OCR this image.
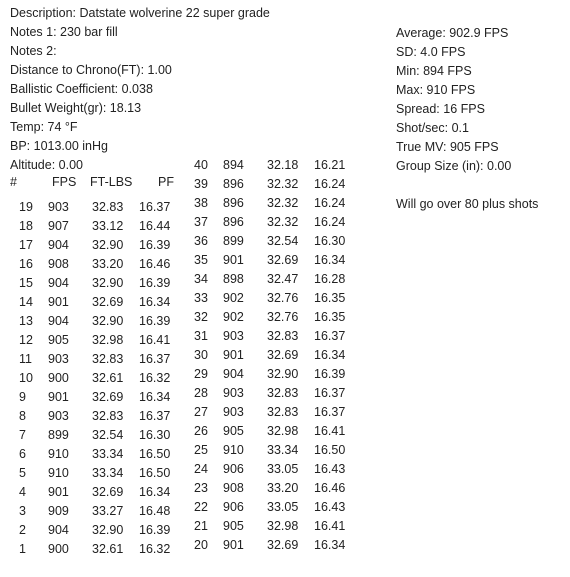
Description: Datstate wolverine 22 super grade
Notes 1: 230 bar fill
Notes 2:
Distance to Chrono(FT): 1.00
Ballistic Coefficient: 0.038
Bullet Weight(gr): 18.13
Temp: 74 °F
BP: 1013.00 inHg
Altitude: 0.00
Average: 902.9 FPS
SD: 4.0 FPS
Min: 894 FPS
Max: 910 FPS
Spread: 16 FPS
Shot/sec: 0.1
True MV: 905 FPS
Group Size (in): 0.00
Will go over 80 plus shots
#	FPS FT-LBS PF
19 903 32.83 16.37
18 907 33.12 16.44
17 904 32.90 16.39
16 908 33.20 16.46
15 904 32.90 16.39
14 901 32.69 16.34
13 904 32.90 16.39
12 905 32.98 16.41
11 903 32.83 16.37
10 900 32.61 16.32
9 901 32.69 16.34
8 903 32.83 16.37
7 899 32.54 16.30
6 910 33.34 16.50
5 910 33.34 16.50
4 901 32.69 16.34
3 909 33.27 16.48
2 904 32.90 16.39
1 900 32.61 16.32
40 894 32.18 16.21
39 896 32.32 16.24
38 896 32.32 16.24
37 896 32.32 16.24
36 899 32.54 16.30
35 901 32.69 16.34
34 898 32.47 16.28
33 902 32.76 16.35
32 902 32.76 16.35
31 903 32.83 16.37
30 901 32.69 16.34
29 904 32.90 16.39
28 903 32.83 16.37
27 903 32.83 16.37
26 905 32.98 16.41
25 910 33.34 16.50
24 906 33.05 16.43
23 908 33.20 16.46
22 906 33.05 16.43
21 905 32.98 16.41
20 901 32.69 16.34
